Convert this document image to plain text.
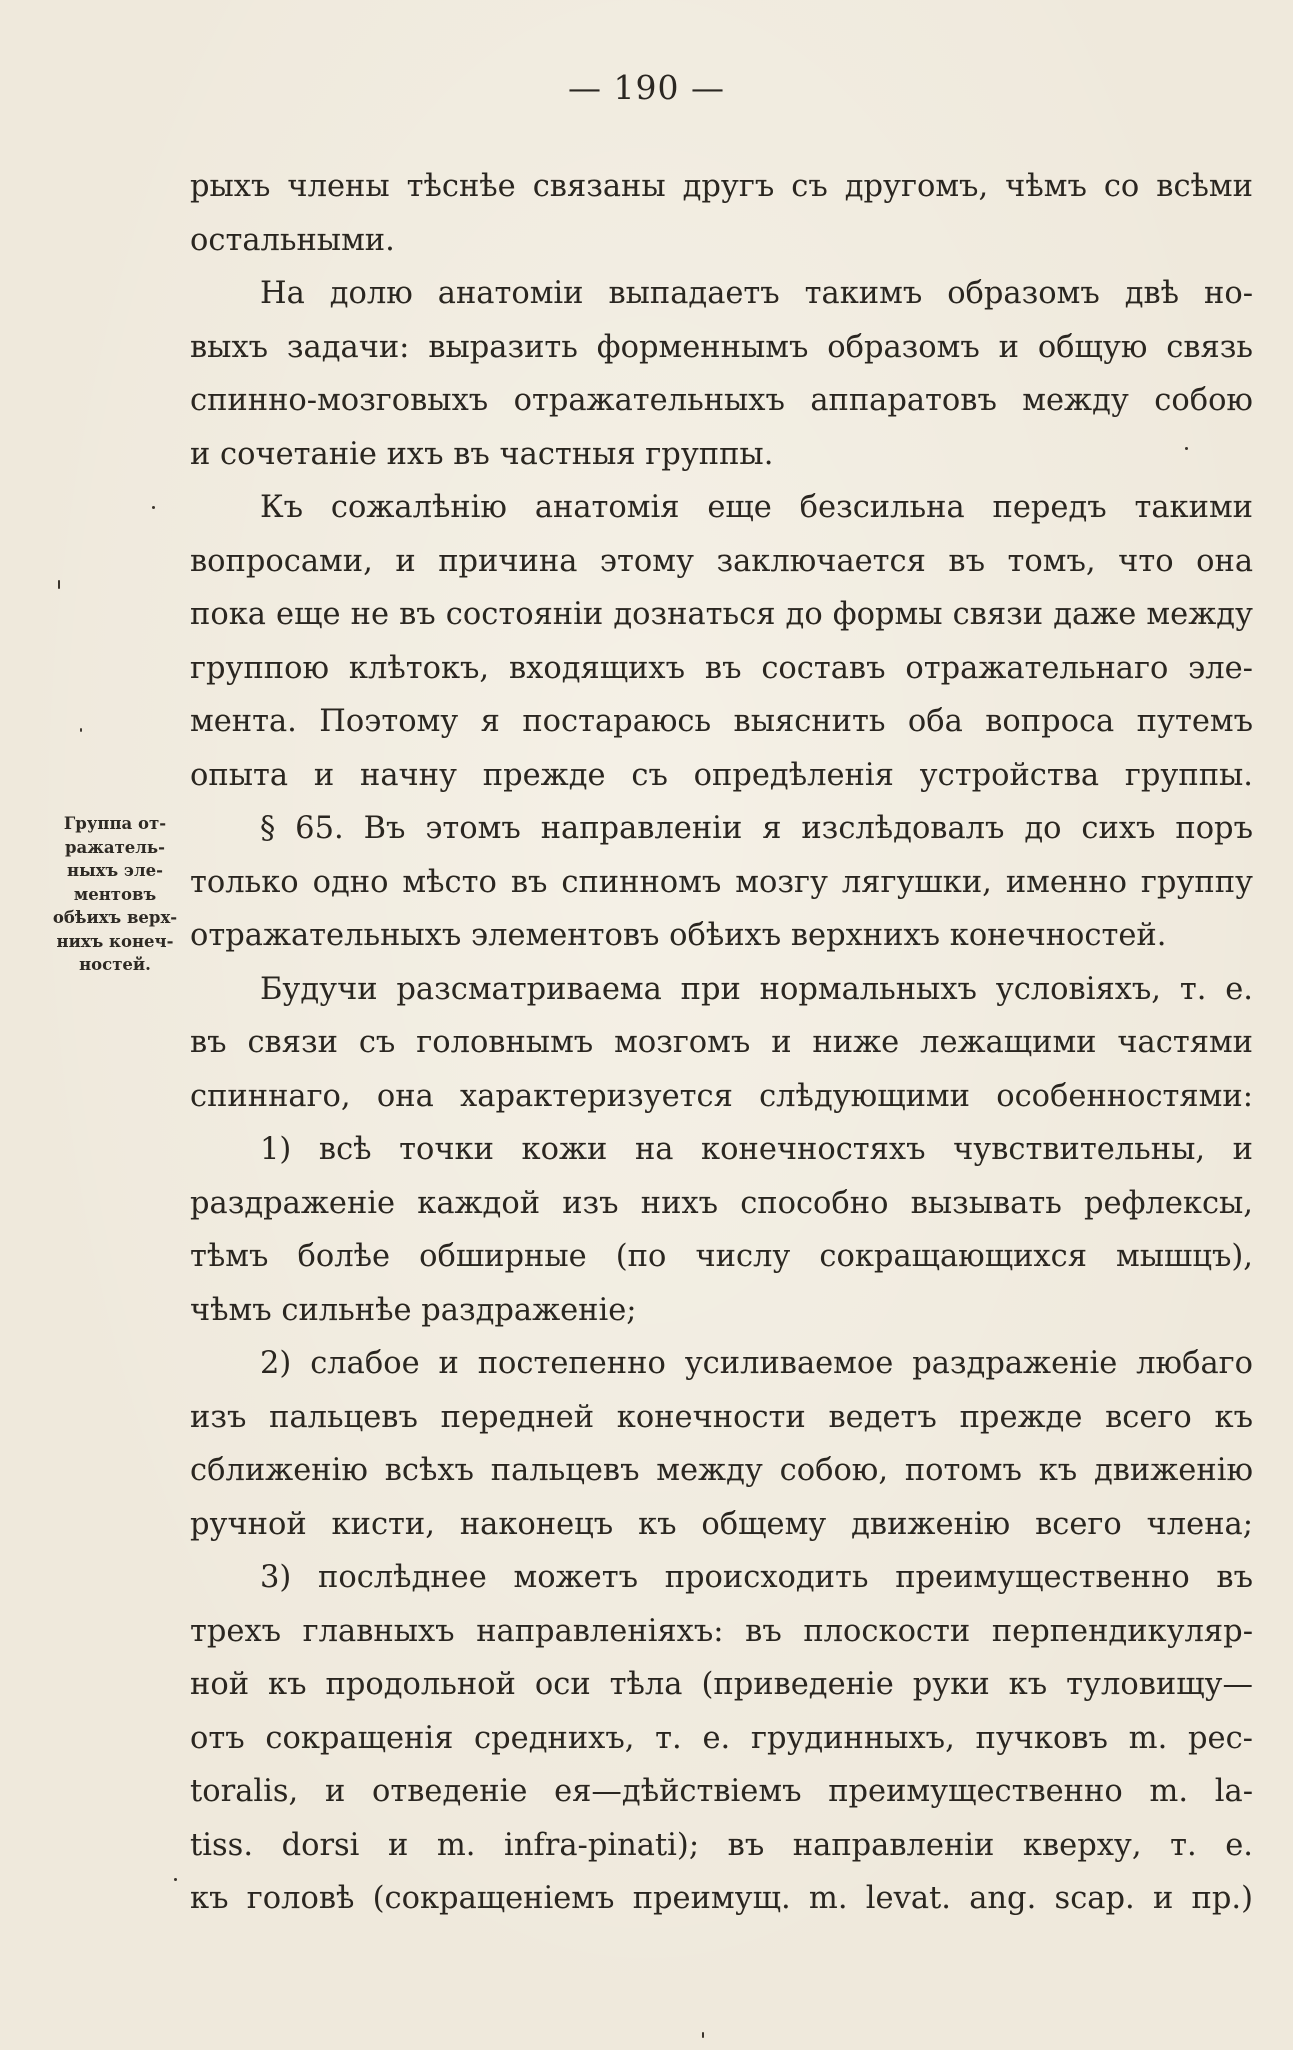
— 190 —
Группа от-
ражатель-
ныхъ эле-
ментовъ
обѣихъ верх-
нихъ конеч-
ностей.
рыхъ члены тѣснѣе связаны другъ съ другомъ, чѣмъ со всѣми
остальными.
На долю анатоміи выпадаетъ такимъ образомъ двѣ но-
выхъ задачи: выразить форменнымъ образомъ и общую связь
спинно-мозговыхъ отражательныхъ аппаратовъ между собою
и сочетаніе ихъ въ частныя группы.
Къ сожалѣнію анатомія еще безсильна передъ такими
вопросами, и причина этому заключается въ томъ, что она
пока еще не въ состояніи дознаться до формы связи даже между
группою клѣтокъ, входящихъ въ составъ отражательнаго эле-
мента. Поэтому я постараюсь выяснить оба вопроса путемъ
опыта и начну прежде съ опредѣленія устройства группы.
§ 65. Въ этомъ направленіи я изслѣдовалъ до сихъ поръ
только одно мѣсто въ спинномъ мозгу лягушки, именно группу
отражательныхъ элементовъ обѣихъ верхнихъ конечностей.
Будучи разсматриваема при нормальныхъ условіяхъ, т. е.
въ связи съ головнымъ мозгомъ и ниже лежащими частями
спиннаго, она характеризуется слѣдующими особенностями:
1) всѣ точки кожи на конечностяхъ чувствительны, и
раздраженіе каждой изъ нихъ способно вызывать рефлексы,
тѣмъ болѣе обширные (по числу сокращающихся мышцъ),
чѣмъ сильнѣе раздраженіе;
2) слабое и постепенно усиливаемое раздраженіе любаго
изъ пальцевъ передней конечности ведетъ прежде всего къ
сближенію всѣхъ пальцевъ между собою, потомъ къ движенію
ручной кисти, наконецъ къ общему движенію всего члена;
3) послѣднее можетъ происходить преимущественно въ
трехъ главныхъ направленіяхъ: въ плоскости перпендикуляр-
ной къ продольной оси тѣла (приведеніе руки къ туловищу—
отъ сокращенія среднихъ, т. е. грудинныхъ, пучковъ m. pec-
toralis, и отведеніе ея—дѣйствіемъ преимущественно m. la-
tiss. dorsi и m. infra-pinati); въ направленіи кверху, т. е.
къ головѣ (сокращеніемъ преимущ. m. levat. ang. scap. и пр.)
